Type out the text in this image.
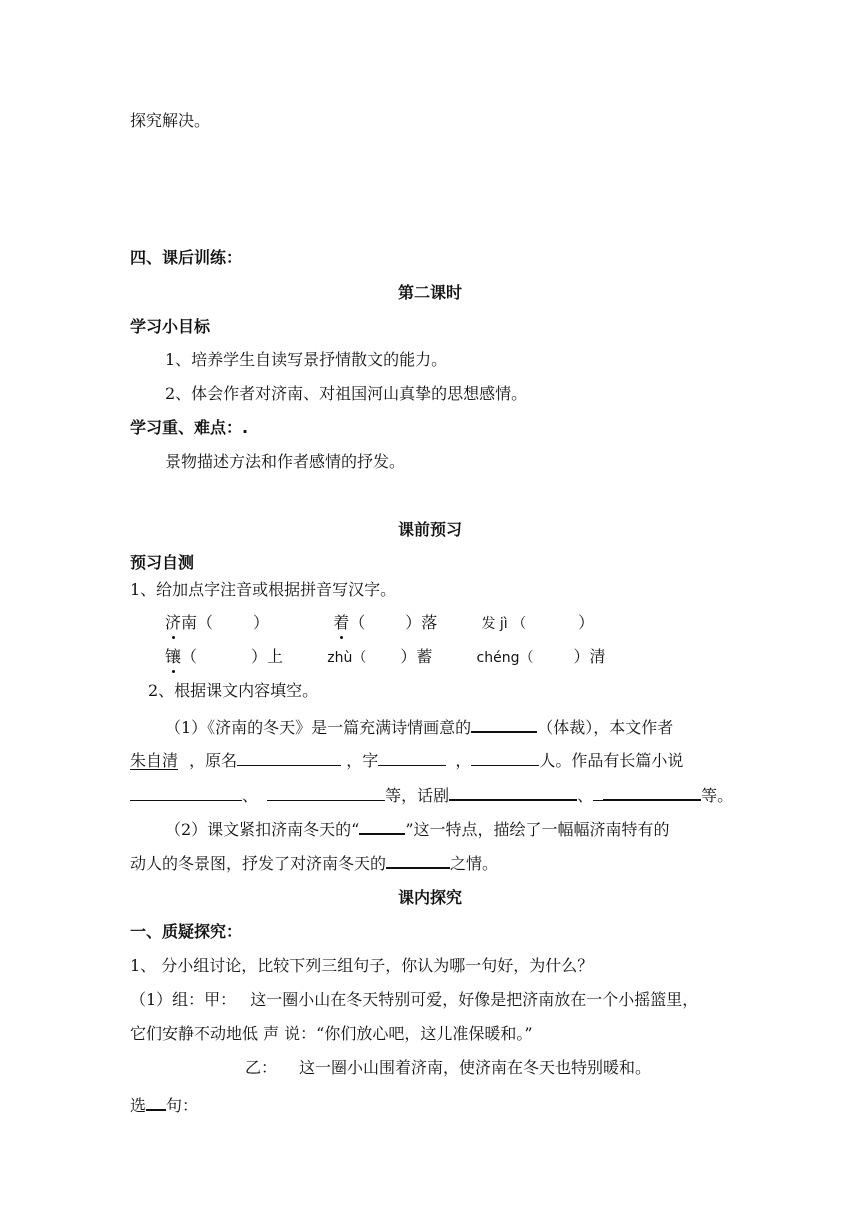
探究解决。
四、课后训练：
第二课时
学习小目标
1、培养学生自读写景抒情散文的能力。
2、体会作者对济南、对祖国河山真挚的思想感情。
学习重、难点：.
景物描述方法和作者感情的抒发。
课前预习
预习自测
1、给加点字注音或根据拼音写汉字。
济南（	）	着（	）落	发 jì （	）
镶（	）上	zhù（ ）蓄	chéng（	）清
2、根据课文内容填空。
（1）《济南的冬天》是一篇充满诗情画意的	（体裁），本文作者
朱自清 ，原名	，字	，	人。作品有长篇小说
、	等，话剧	、	等。
（2）课文紧扣济南冬天的“	”这一特点，描绘了一幅幅济南特有的
动人的冬景图，抒发了对济南冬天的	之情。
课内探究
一、质疑探究：
1、 分小组讨论，比较下列三组句子，你认为哪一句好，为什么？
（1）组：甲： 这一圈小山在冬天特别可爱，好像是把济南放在一个小摇篮里，
它们安静不动地低 声 说：“你们放心吧，这儿准保暖和。”
乙： 这一圈小山围着济南，使济南在冬天也特别暖和。
选 句：
